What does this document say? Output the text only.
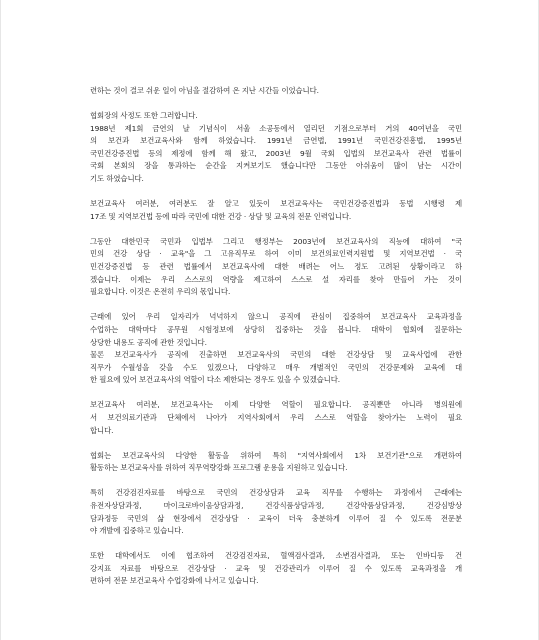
련하는 것이 결코 쉬운 일이 아님을 절감하여 온 지난 시간들 이었습니다.
협회장의 사정도 또한 그러합니다.
1988년 제1회 금연의 날 기념식이 서울 소공동에서 열리던 기점으로부터 거의 40여년을 국민
의 보건과 보건교육사와 함께 하였습니다. 1991년 금연법, 1991년 국민건강진흥법, 1995년
국민건강증진법 등의 제정에 함께 해 왔고, 2003년 9월 국회 입법의 보건교육사 관련 법률이
국회 본회의 장을 통과하는 순간을 지켜보기도 했습니다만 그동안 아쉬움이 많이 남는 시간이
기도 하였습니다.
보건교육사 여러분, 여러분도 잘 알고 있듯이 보건교육사는 국민건강증진법과 동법 시행령 제
17조 및 지역보건법 등에 따라 국민에 대한 건강 · 상담 및 교육의 전문 인력입니다.
그동안 대한민국 국민과 입법부 그리고 행정부는 2003년에 보건교육사의 직능에 대하여 "국
민의 건강 상담 · 교육"을 그 고유직무로 하여 이미 보건의료인력지원법 및 지역보건법 · 국
민건강증진법 등 관련 법률에서 보건교육사에 대한 배려는 어느 정도 고려된 상황이라고 하
겠습니다. 이제는 우리 스스로의 역량을 제고하여 스스로 설 자리를 찾아 만들어 가는 것이
필요합니다. 이것은 온전히 우리의 몫입니다.
근래에 있어 우리 일자리가 넉넉하지 않으니 공직에 관심이 집중하여 보건교육사 교육과정을
수업하는 대학마다 공무원 시험정보에 상당히 집중하는 것을 봅니다. 대학이 협회에 질문하는
상당한 내용도 공직에 관한 것입니다.
물론 보건교육사가 공직에 진출하면 보건교육사의 국민의 대한 건강상담 및 교육사업에 관한
직무가 수월성을 갖을 수도 있겠으나, 다양하고 매우 개별적인 국민의 건강문제와 교육에 대
한 필요에 있어 보건교육사의 역할이 다소 제한되는 경우도 있을 수 있겠습니다.
보건교육사 여러분, 보건교육사는 이제 다양한 역할이 필요합니다. 공직뿐만 아니라 병의원에
서 보건의료기관과 단체에서 나아가 지역사회에서 우리 스스로 역할을 찾아가는 노력이 필요
합니다.
협회는 보건교육사의 다양한 활동을 위하여 특히 "지역사회에서 1차 보건기관"으로 개편하여
활동하는 보건교육사를 위하여 직무역량강화 프로그램 운용을 지원하고 있습니다.
특히 건강검진자료를 바탕으로 국민의 건강상담과 교육 직무를 수행하는 과정에서 근래에는
유전자상담과정, 마이크로바이옴상담과정, 건강식품상담과정, 건강약품상담과정, 건강심방상
담과정등 국민의 삶 현장에서 건강상담 · 교육이 더욱 충분하게 이루어 질 수 있도록 전문분
야 개발에 집중하고 있습니다.
또한 대학에서도 이에 협조하여 건강검진자료, 혈액검사결과, 소변검사결과, 또는 인바디등 건
강지표 자료를 바탕으로 건강상담 · 교육 및 건강관리가 이루어 질 수 있도록 교육과정을 개
편하여 전문 보건교육사 수업강화에 나서고 있습니다.
